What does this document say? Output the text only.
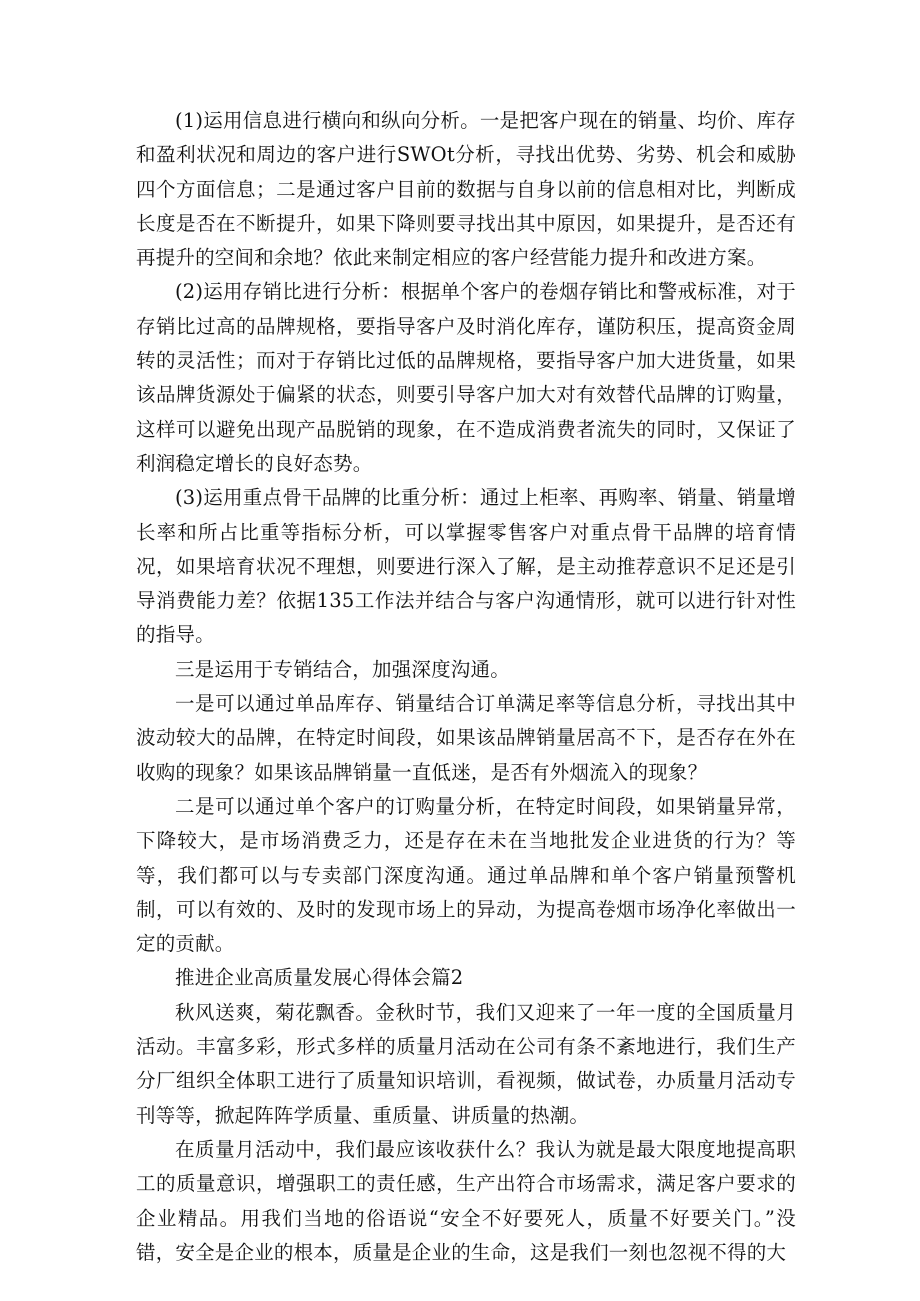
(1)运用信息进行横向和纵向分析。一是把客户现在的销量、均价、库存和盈利状况和周边的客户进行SWOt分析，寻找出优势、劣势、机会和威胁四个方面信息；二是通过客户目前的数据与自身以前的信息相对比，判断成长度是否在不断提升，如果下降则要寻找出其中原因，如果提升，是否还有再提升的空间和余地？依此来制定相应的客户经营能力提升和改进方案。

(2)运用存销比进行分析：根据单个客户的卷烟存销比和警戒标准，对于存销比过高的品牌规格，要指导客户及时消化库存，谨防积压，提高资金周转的灵活性；而对于存销比过低的品牌规格，要指导客户加大进货量，如果该品牌货源处于偏紧的状态，则要引导客户加大对有效替代品牌的订购量，这样可以避免出现产品脱销的现象，在不造成消费者流失的同时，又保证了利润稳定增长的良好态势。

(3)运用重点骨干品牌的比重分析：通过上柜率、再购率、销量、销量增长率和所占比重等指标分析，可以掌握零售客户对重点骨干品牌的培育情况，如果培育状况不理想，则要进行深入了解，是主动推荐意识不足还是引导消费能力差？依据135工作法并结合与客户沟通情形，就可以进行针对性的指导。

三是运用于专销结合，加强深度沟通。

一是可以通过单品库存、销量结合订单满足率等信息分析，寻找出其中波动较大的品牌，在特定时间段，如果该品牌销量居高不下，是否存在外在收购的现象？如果该品牌销量一直低迷，是否有外烟流入的现象？

二是可以通过单个客户的订购量分析，在特定时间段，如果销量异常，下降较大，是市场消费乏力，还是存在未在当地批发企业进货的行为？等等，我们都可以与专卖部门深度沟通。通过单品牌和单个客户销量预警机制，可以有效的、及时的发现市场上的异动，为提高卷烟市场净化率做出一定的贡献。

推进企业高质量发展心得体会篇2

秋风送爽，菊花飘香。金秋时节，我们又迎来了一年一度的全国质量月活动。丰富多彩，形式多样的质量月活动在公司有条不紊地进行，我们生产分厂组织全体职工进行了质量知识培训，看视频，做试卷，办质量月活动专刊等等，掀起阵阵学质量、重质量、讲质量的热潮。

在质量月活动中，我们最应该收获什么？我认为就是最大限度地提高职工的质量意识，增强职工的责任感，生产出符合市场需求，满足客户要求的企业精品。用我们当地的俗语说“安全不好要死人，质量不好要关门。”没错，安全是企业的根本，质量是企业的生命，这是我们一刻也忽视不得的大
